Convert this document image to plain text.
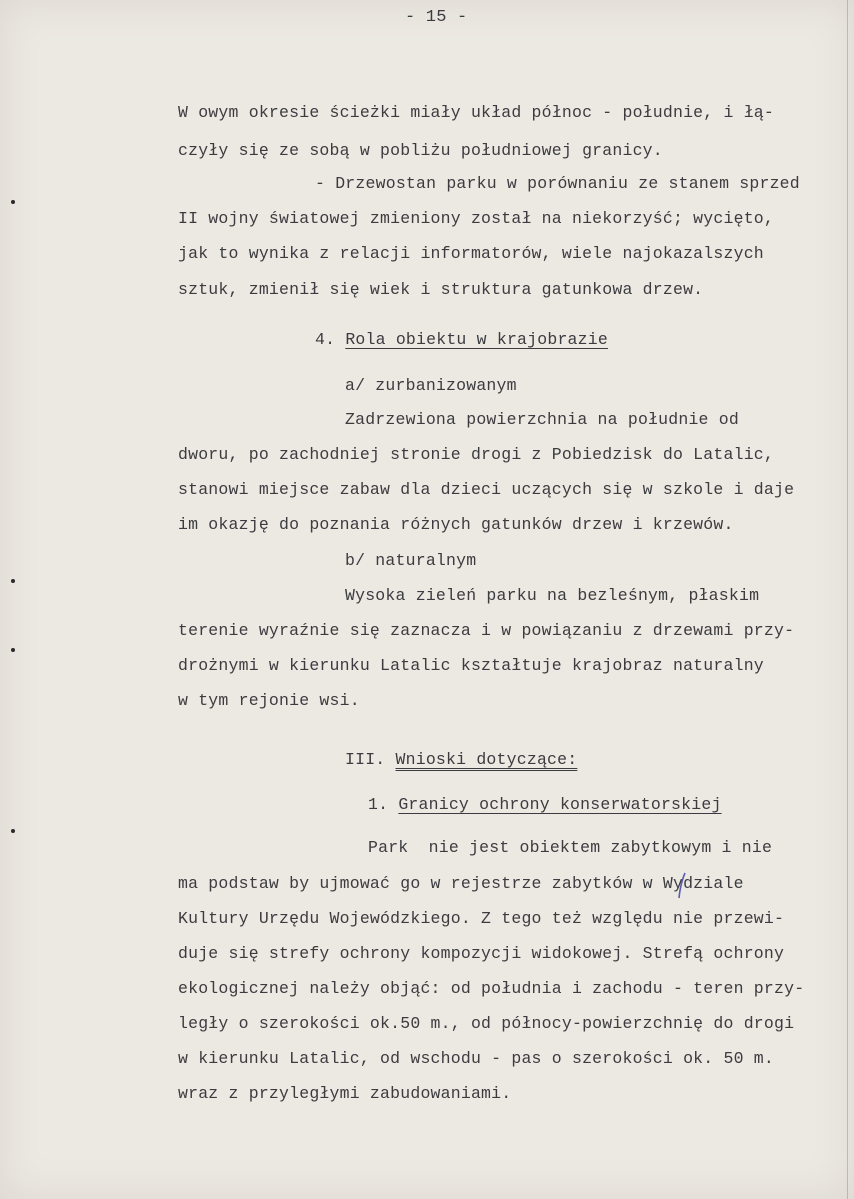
- 15 -
W owym okresie ścieżki miały układ północ - południe, i łą-
czyły się ze sobą w pobliżu południowej granicy.
- Drzewostan parku w porównaniu ze stanem sprzed
II wojny światowej zmieniony został na niekorzyść; wycięto,
jak to wynika z relacji informatorów, wiele najokazalszych
sztuk, zmienił się wiek i struktura gatunkowa drzew.
4. Rola obiektu w krajobrazie
a/ zurbanizowanym
Zadrzewiona powierzchnia na południe od
dworu, po zachodniej stronie drogi z Pobiedzisk do Latalic,
stanowi miejsce zabaw dla dzieci uczących się w szkole i daje
im okazję do poznania różnych gatunków drzew i krzewów.
b/ naturalnym
Wysoka zieleń parku na bezleśnym, płaskim
terenie wyraźnie się zaznacza i w powiązaniu z drzewami przy-
drożnymi w kierunku Latalic kształtuje krajobraz naturalny
w tym rejonie wsi.
III. Wnioski dotyczące:
1. Granicy ochrony konserwatorskiej
Park  nie jest obiektem zabytkowym i nie
ma podstaw by ujmować go w rejestrze zabytków w Wydziale
Kultury Urzędu Wojewódzkiego. Z tego też względu nie przewi-
duje się strefy ochrony kompozycji widokowej. Strefą ochrony
ekologicznej należy objąć: od południa i zachodu - teren przy-
legły o szerokości ok.50 m., od północy-powierzchnię do drogi
w kierunku Latalic, od wschodu - pas o szerokości ok. 50 m.
wraz z przyległymi zabudowaniami.
